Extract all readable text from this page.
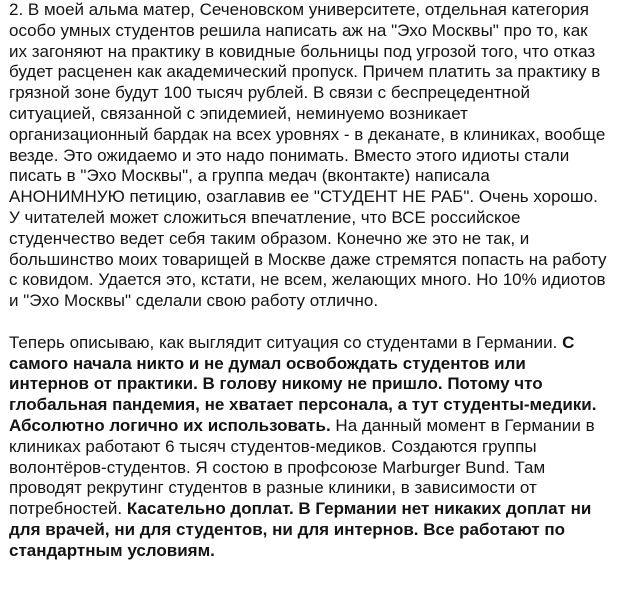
2. В моей альма матер, Сеченовском университете, отдельная категория особо умных студентов решила написать аж на "Эхо Москвы" про то, как их загоняют на практику в ковидные больницы под угрозой того, что отказ будет расценен как академический пропуск. Причем платить за практику в грязной зоне будут 100 тысяч рублей. В связи с беспрецедентной ситуацией, связанной с эпидемией, неминуемо возникает организационный бардак на всех уровнях - в деканате, в клиниках, вообще везде. Это ожидаемо и это надо понимать. Вместо этого идиоты стали писать в "Эхо Москвы", а группа медач (вконтакте) написала АНОНИМНУЮ петицию, озаглавив ее "СТУДЕНТ НЕ РАБ". Очень хорошо. У читателей может сложиться впечатление, что ВСЕ российское студенчество ведет себя таким образом. Конечно же это не так, и большинство моих товарищей в Москве даже стремятся попасть на работу с ковидом. Удается это, кстати, не всем, желающих много. Но 10% идиотов и "Эхо Москвы" сделали свою работу отлично.

Теперь описываю, как выглядит ситуация со студентами в Германии. С самого начала никто и не думал освобождать студентов или интернов от практики. В голову никому не пришло. Потому что глобальная пандемия, не хватает персонала, а тут студенты-медики. Абсолютно логично их использовать. На данный момент в Германии в клиниках работают 6 тысяч студентов-медиков. Создаются группы волонтёров-студентов. Я состою в профсоюзе Marburger Bund. Там проводят рекрутинг студентов в разные клиники, в зависимости от потребностей. Касательно доплат. В Германии нет никаких доплат ни для врачей, ни для студентов, ни для интернов. Все работают по стандартным условиям.
